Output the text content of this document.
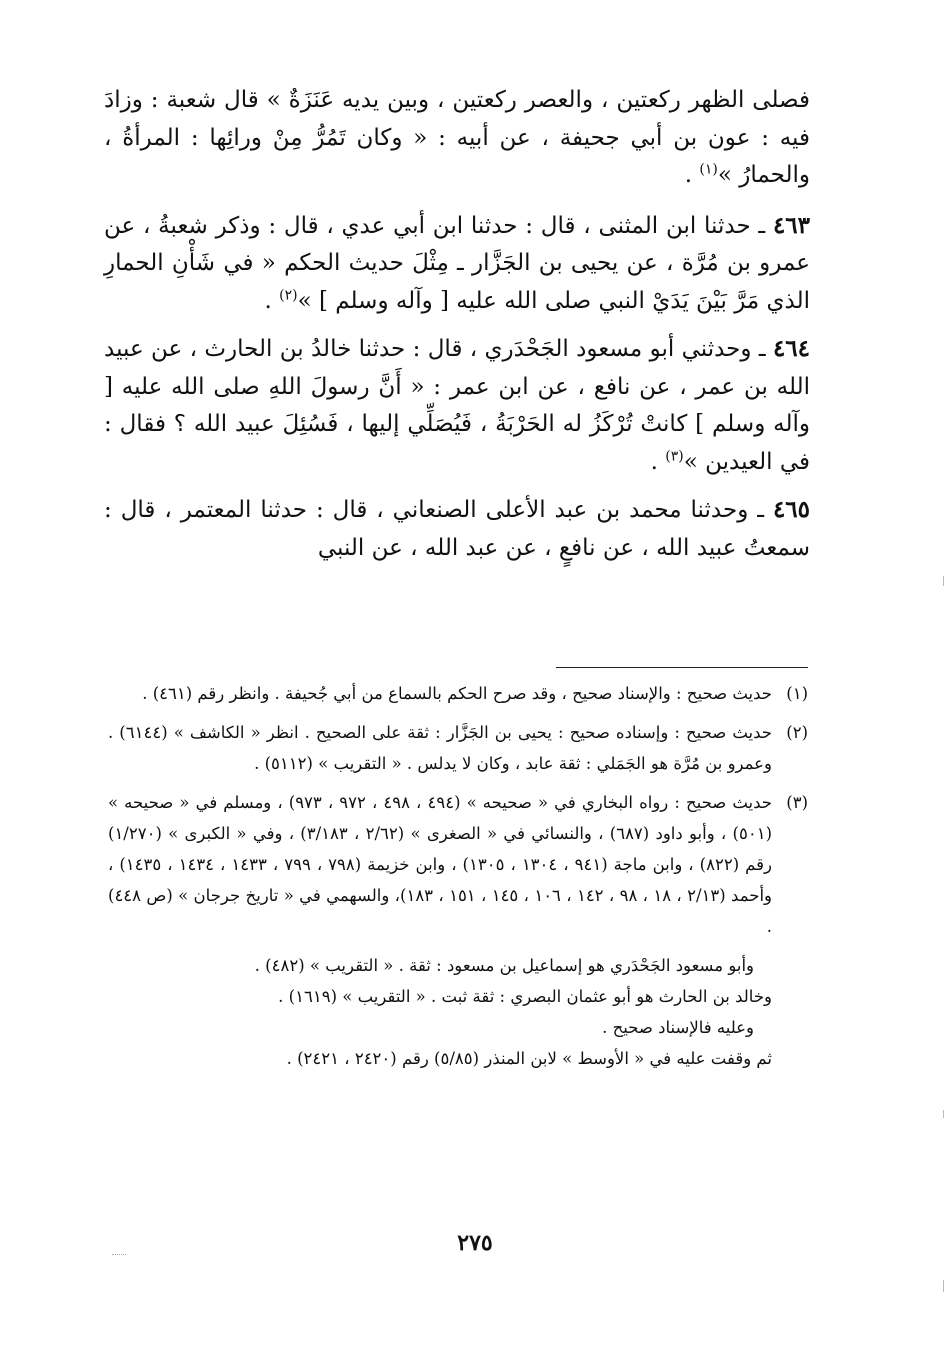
فصلى الظهر ركعتين ، والعصر ركعتين ، وبين يديه عَنَزَةٌ » قال شعبة : وزادَ فيه : عون بن أبي جحيفة ، عن أبيه : « وكان تَمُرُّ مِنْ ورائِها : المرأةُ ، والحمارُ »$^{(١)}$ .

٤٦٣ ـ حدثنا ابن المثنى ، قال : حدثنا ابن أبي عدي ، قال : وذكر شعبةُ ، عن عمرو بن مُرَّة ، عن يحيى بن الجَزَّار ـ مِثْلَ حديث الحكم « في شَأْنِ الحمارِ الذي مَرَّ بَيْنَ يَدَيْ النبي صلى الله عليه [ وآله وسلم ] »$^{(٢)}$ .

٤٦٤ ـ وحدثني أبو مسعود الجَحْدَري ، قال : حدثنا خالدُ بن الحارث ، عن عبيد الله بن عمر ، عن نافع ، عن ابن عمر : « أَنَّ رسولَ اللهِ صلى الله عليه [ وآله وسلم ] كانتْ تُرْكَزُ له الحَرْبَةُ ، فَيُصَلِّي إليها ، فَسُئِلَ عبيد الله ؟ فقال : في العيدين »$^{(٣)}$ .

٤٦٥ ـ وحدثنا محمد بن عبد الأعلى الصنعاني ، قال : حدثنا المعتمر ، قال : سمعتُ عبيد الله ، عن نافعٍ ، عن عبد الله ، عن النبي

(١)
حديث صحيح : والإسناد صحيح ، وقد صرح الحكم بالسماع من أبي جُحيفة . وانظر رقم (٤٦١) .
(٢)
حديث صحيح : وإسناده صحيح : يحيى بن الجَزَّار : ثقة على الصحيح . انظر « الكاشف » (٦١٤٤) . وعمرو بن مُرَّة هو الجَمَلي : ثقة عابد ، وكان لا يدلس . « التقريب » (٥١١٢) .
(٣)
حديث صحيح : رواه البخاري في « صحيحه » (٤٩٤ ، ٤٩٨ ، ٩٧٢ ، ٩٧٣) ، ومسلم في « صحيحه » (٥٠١) ، وأبو داود (٦٨٧) ، والنسائي في « الصغرى » (٢/٦٢ ، ٣/١٨٣) ، وفي « الكبرى » (١/٢٧٠) رقم (٨٢٢) ، وابن ماجة (٩٤١ ، ١٣٠٤ ، ١٣٠٥) ، وابن خزيمة (٧٩٨ ، ٧٩٩ ، ١٤٣٣ ، ١٤٣٤ ، ١٤٣٥) ، وأحمد (٢/١٣ ، ١٨ ، ٩٨ ، ١٤٢ ، ١٠٦ ، ١٤٥ ، ١٥١ ، ١٨٣)، والسهمي في « تاريخ جرجان » (ص ٤٤٨) .
وأبو مسعود الجَحْدَري هو إسماعيل بن مسعود : ثقة . « التقريب » (٤٨٢) .
وخالد بن الحارث هو أبو عثمان البصري : ثقة ثبت . « التقريب » (١٦١٩) .
وعليه فالإسناد صحيح .
ثم وقفت عليه في « الأوسط » لابن المنذر (٥/٨٥) رقم (٢٤٢٠ ، ٢٤٢١) .
٢٧٥
